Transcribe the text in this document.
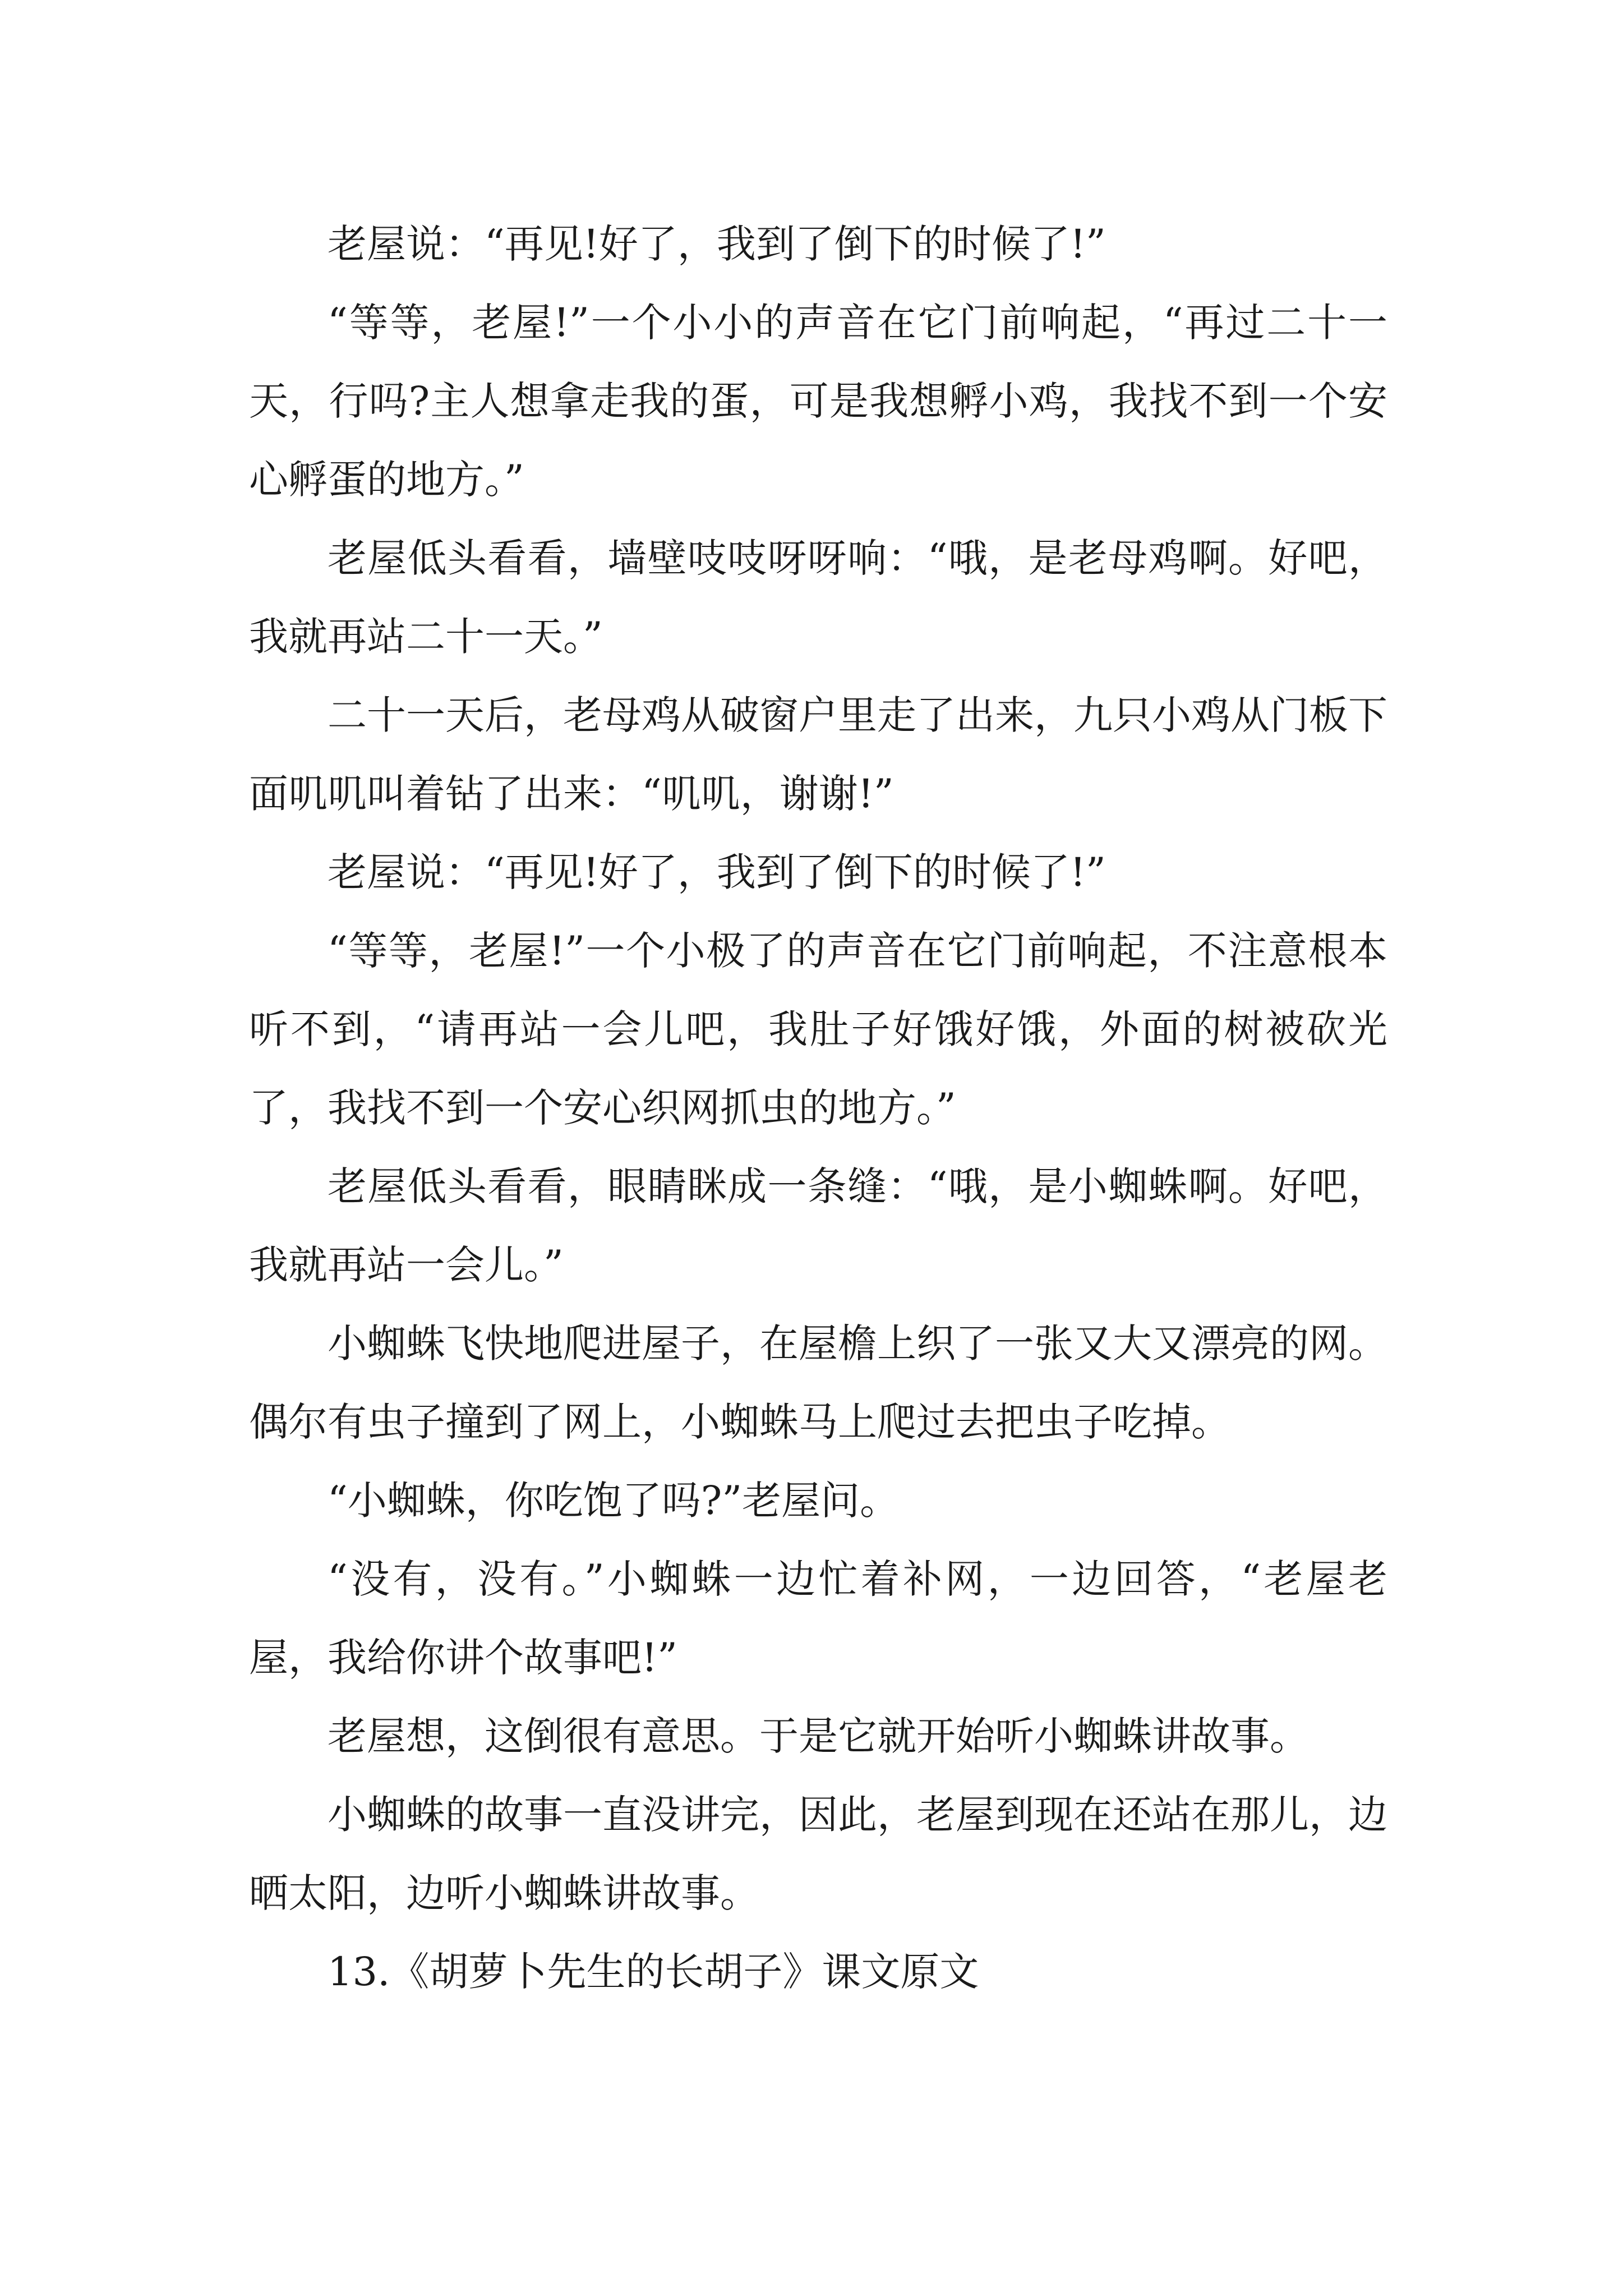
老屋说：“再见!好了，我到了倒下的时候了!”

“等等，老屋!”一个小小的声音在它门前响起，“再过二十一天，行吗?主人想拿走我的蛋，可是我想孵小鸡，我找不到一个安心孵蛋的地方。”

老屋低头看看，墙壁吱吱呀呀响：“哦，是老母鸡啊。好吧，我就再站二十一天。”

二十一天后，老母鸡从破窗户里走了出来，九只小鸡从门板下面叽叽叫着钻了出来：“叽叽，谢谢!”

老屋说：“再见!好了，我到了倒下的时候了!”

“等等，老屋!”一个小极了的声音在它门前响起，不注意根本听不到，“请再站一会儿吧，我肚子好饿好饿，外面的树被砍光了，我找不到一个安心织网抓虫的地方。”

老屋低头看看，眼睛眯成一条缝：“哦，是小蜘蛛啊。好吧，我就再站一会儿。”

小蜘蛛飞快地爬进屋子，在屋檐上织了一张又大又漂亮的网。偶尔有虫子撞到了网上，小蜘蛛马上爬过去把虫子吃掉。

“小蜘蛛，你吃饱了吗?”老屋问。

“没有，没有。”小蜘蛛一边忙着补网，一边回答，“老屋老屋，我给你讲个故事吧!”

老屋想，这倒很有意思。于是它就开始听小蜘蛛讲故事。

小蜘蛛的故事一直没讲完，因此，老屋到现在还站在那儿，边晒太阳，边听小蜘蛛讲故事。

13.《胡萝卜先生的长胡子》课文原文
